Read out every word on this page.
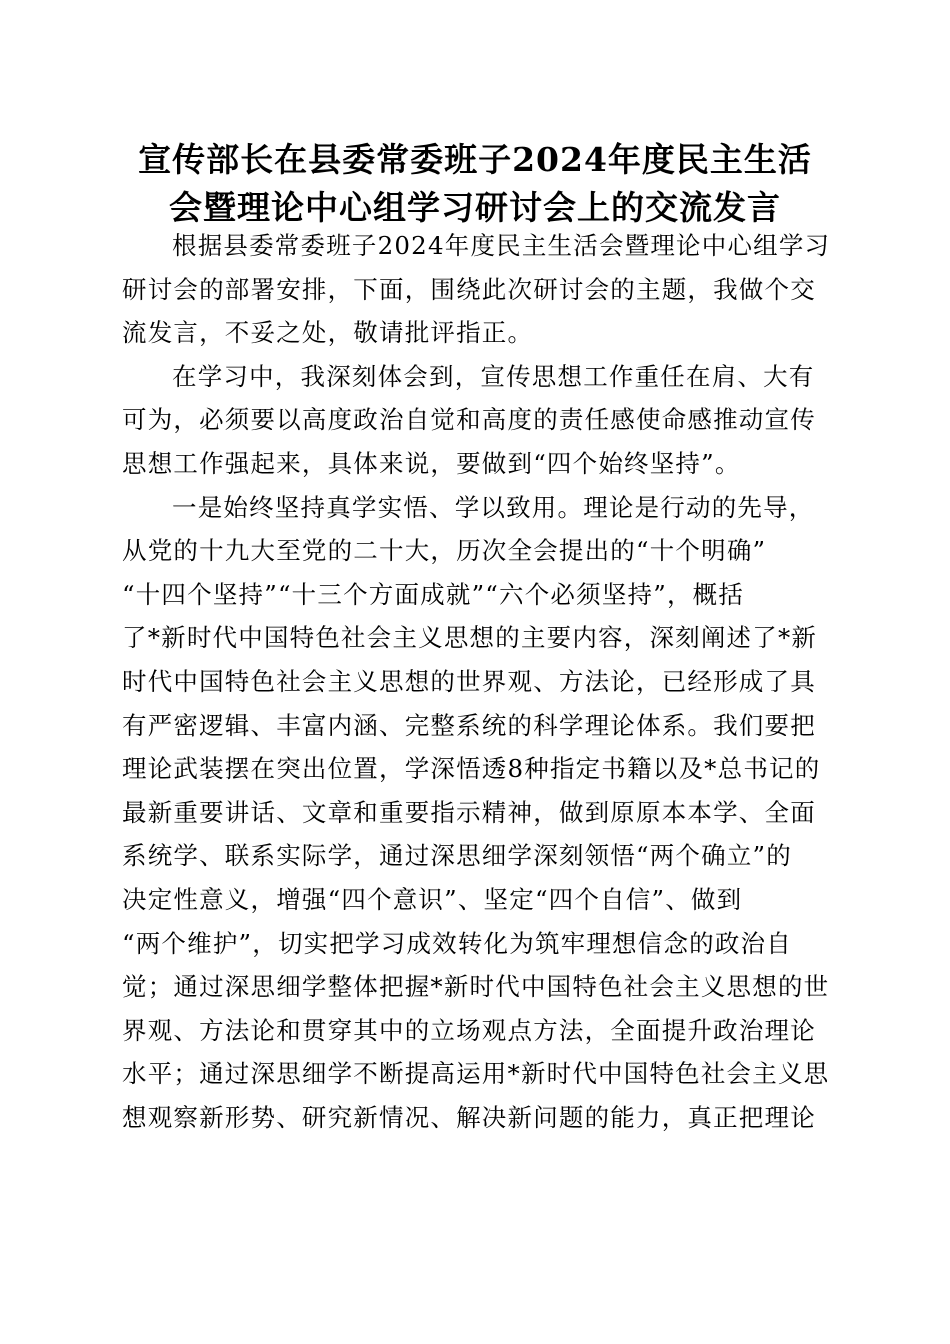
宣传部长在县委常委班子2024年度民主生活
会暨理论中心组学习研讨会上的交流发言

根据县委常委班子2024年度民主生活会暨理论中心组学习
研讨会的部署安排，下面，围绕此次研讨会的主题，我做个交
流发言，不妥之处，敬请批评指正。

在学习中，我深刻体会到，宣传思想工作重任在肩、大有
可为，必须要以高度政治自觉和高度的责任感使命感推动宣传
思想工作强起来，具体来说，要做到“四个始终坚持”。

一是始终坚持真学实悟、学以致用。理论是行动的先导，
从党的十九大至党的二十大，历次全会提出的“十个明确”
“十四个坚持”“十三个方面成就”“六个必须坚持”，概括
了*新时代中国特色社会主义思想的主要内容，深刻阐述了*新
时代中国特色社会主义思想的世界观、方法论，已经形成了具
有严密逻辑、丰富内涵、完整系统的科学理论体系。我们要把
理论武装摆在突出位置，学深悟透8种指定书籍以及*总书记的
最新重要讲话、文章和重要指示精神，做到原原本本学、全面
系统学、联系实际学，通过深思细学深刻领悟“两个确立”的
决定性意义，增强“四个意识”、坚定“四个自信”、做到
“两个维护”，切实把学习成效转化为筑牢理想信念的政治自
觉；通过深思细学整体把握*新时代中国特色社会主义思想的世
界观、方法论和贯穿其中的立场观点方法，全面提升政治理论
水平；通过深思细学不断提高运用*新时代中国特色社会主义思
想观察新形势、研究新情况、解决新问题的能力，真正把理论
